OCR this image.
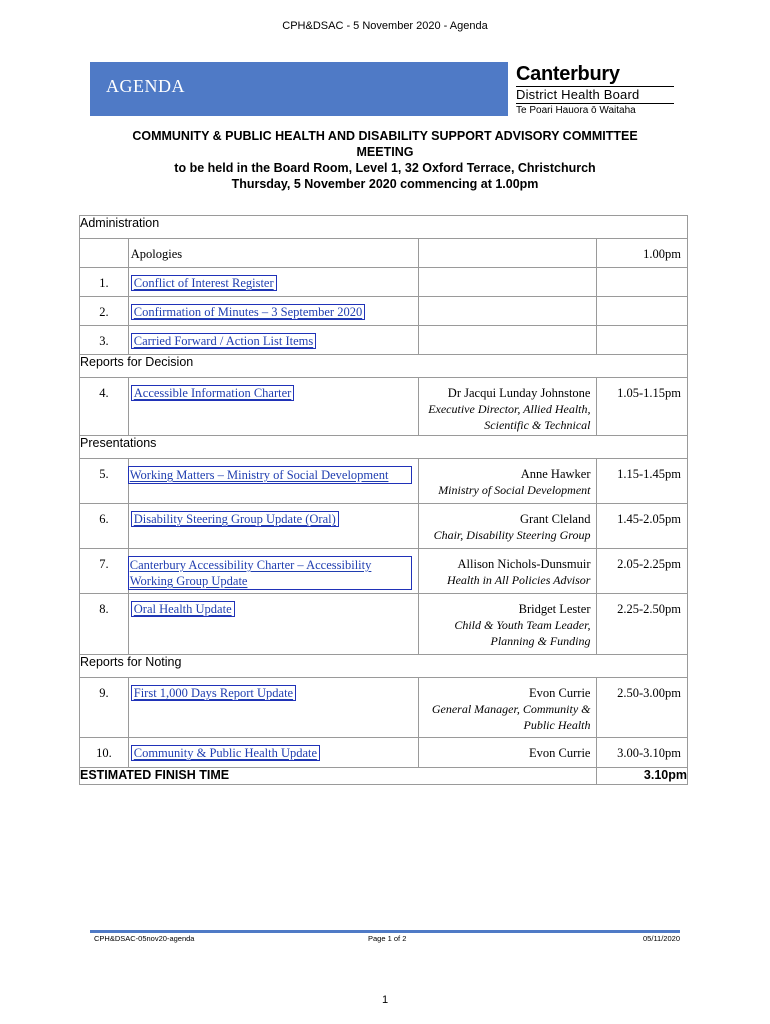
CPH&DSAC - 5 November 2020 - Agenda
AGENDA
Canterbury
District Health Board
Te Poari Hauora ō Waitaha
COMMUNITY & PUBLIC HEALTH AND DISABILITY SUPPORT ADVISORY COMMITTEE
MEETING
to be held in the Board Room, Level 1, 32 Oxford Terrace, Christchurch
Thursday, 5 November 2020 commencing at 1.00pm
Administration			

	Apologies		1.00pm

1.	Conflict of Interest Register		

2.	Confirmation of Minutes – 3 September 2020		

3.	Carried Forward / Action List Items		

Reports for Decision			

4.	Accessible Information Charter	Dr Jacqui Lunday Johnstone
Executive Director, Allied Health, Scientific & Technical	1.05-1.15pm

Presentations			

5.	Working Matters – Ministry of Social Development	Anne Hawker
Ministry of Social Development	1.15-1.45pm

6.	Disability Steering Group Update (Oral)	Grant Cleland
Chair, Disability Steering Group	1.45-2.05pm

7.	Canterbury Accessibility Charter – Accessibility Working Group Update	Allison Nichols-Dunsmuir
Health in All Policies Advisor	2.05-2.25pm

8.	Oral Health Update	Bridget Lester
Child & Youth Team Leader, Planning & Funding	2.25-2.50pm

Reports for Noting			

9.	First 1,000 Days Report Update	Evon Currie
General Manager, Community & Public Health	2.50-3.00pm

10.	Community & Public Health Update	Evon Currie	3.00-3.10pm

ESTIMATED FINISH TIME			3.10pm
CPH&DSAC-05nov20-agenda	Page 1 of 2	05/11/2020
1
